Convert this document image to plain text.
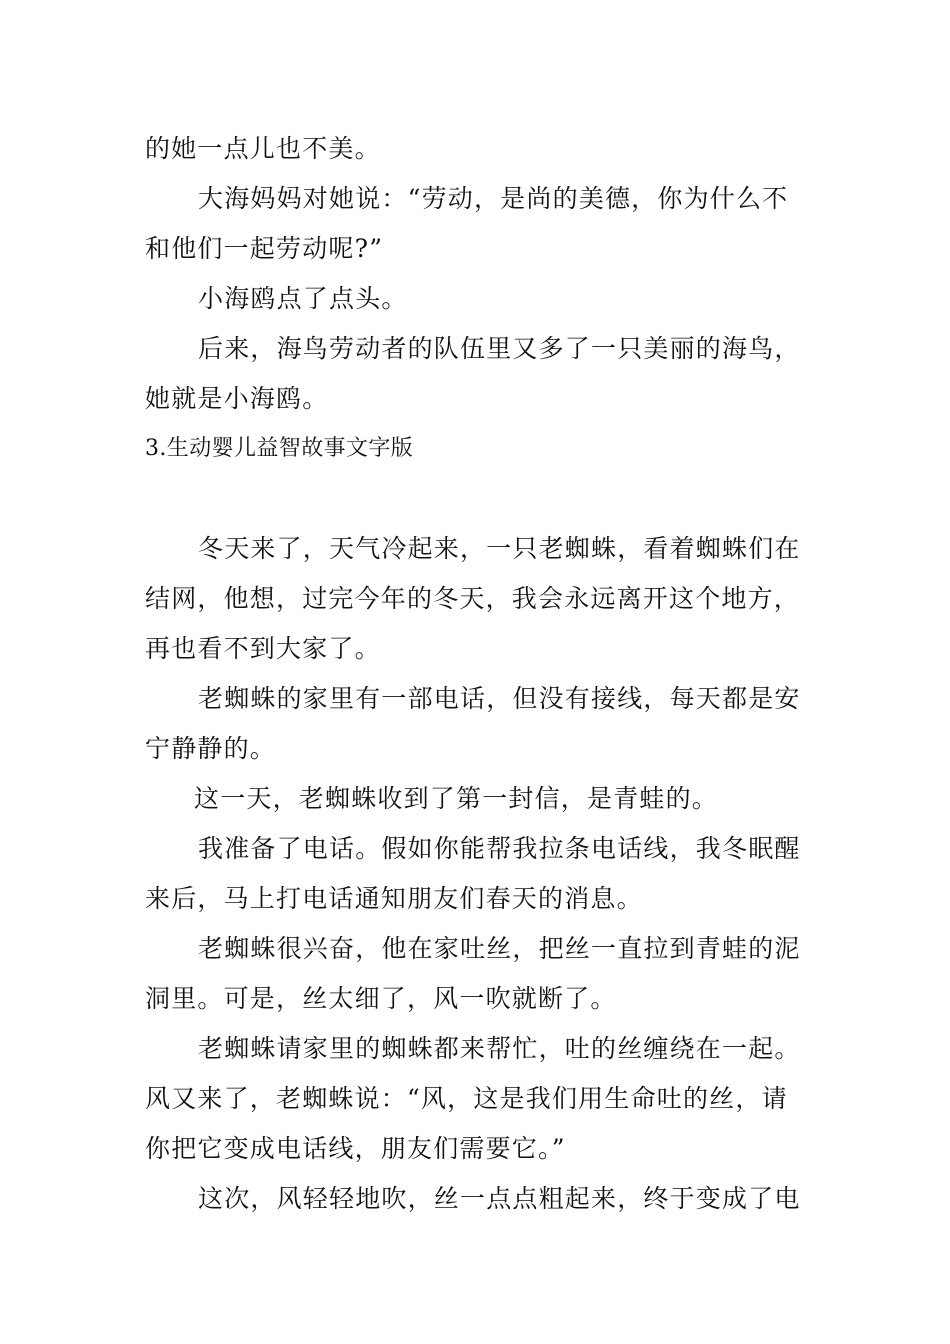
的她一点儿也不美。
大海妈妈对她说：“劳动，是尚的美德，你为什么不
和他们一起劳动呢?”
小海鸥点了点头。
后来，海鸟劳动者的队伍里又多了一只美丽的海鸟，
她就是小海鸥。
3.生动婴儿益智故事文字版
冬天来了，天气冷起来，一只老蜘蛛，看着蜘蛛们在
结网，他想，过完今年的冬天，我会永远离开这个地方，
再也看不到大家了。
老蜘蛛的家里有一部电话，但没有接线，每天都是安
宁静静的。
这一天，老蜘蛛收到了第一封信，是青蛙的。
我准备了电话。假如你能帮我拉条电话线，我冬眠醒
来后，马上打电话通知朋友们春天的消息。
老蜘蛛很兴奋，他在家吐丝，把丝一直拉到青蛙的泥
洞里。可是，丝太细了，风一吹就断了。
老蜘蛛请家里的蜘蛛都来帮忙，吐的丝缠绕在一起。
风又来了，老蜘蛛说：“风，这是我们用生命吐的丝，请
你把它变成电话线，朋友们需要它。”
这次，风轻轻地吹，丝一点点粗起来，终于变成了电
